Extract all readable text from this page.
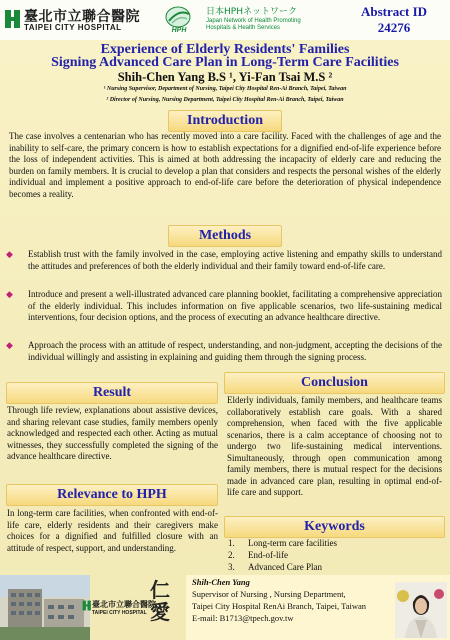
臺北市立聯合醫院
TAIPEI CITY HOSPITAL	HPH
日本HPHネットワーク
Japan Network of Health Promoting
Hospitals & Health Services
Abstract ID
24276
Experience of Elderly Residents' Families
Signing Advanced Care Plan in Long-Term Care Facilities
Shih-Chen Yang B.S ¹, Yi-Fan Tsai M.S ²
¹ Nursing Supervisor, Department of Nursing, Taipei City Hospital Ren-Ai Branch, Taipei, Taiwan
² Director of Nursing, Nursing Department, Taipei City Hospital Ren-Ai Branch, Taipei, Taiwan
Introduction
The case involves a centenarian who has recently moved into a care facility. Faced with the challenges of age and the inability to self-care, the primary concern is how to establish expectations for a dignified end-of-life experience before the loss of independent activities. This is aimed at both addressing the incapacity of elderly care and reducing the burden on family members. It is crucial to develop a plan that considers and respects the personal wishes of the elderly individual and implement a positive approach to end-of-life care before the deterioration of physical independence becomes a reality.
Methods
◆ Establish trust with the family involved in the case, employing active listening and empathy skills to understand the attitudes and preferences of both the elderly individual and their family toward end-of-life care.
◆ Introduce and present a well-illustrated advanced care planning booklet, facilitating a comprehensive appreciation of the elderly individual. This includes information on five applicable scenarios, two life-sustaining medical interventions, four decision options, and the process of executing an advance healthcare directive.
◆ Approach the process with an attitude of respect, understanding, and non-judgment, accepting the decisions of the individual willingly and assisting in explaining and guiding them through the signing process.
Result
Through life review, explanations about assistive devices, and sharing relevant case studies, family members openly acknowledged and respected each other. Acting as mutual witnesses, they successfully completed the signing of the advance healthcare directive.
Relevance to HPH
In long-term care facilities, when confronted with end-of-life care, elderly residents and their caregivers make choices for a dignified and fulfilled closure with an attitude of respect, support, and understanding.
Conclusion
Elderly individuals, family members, and healthcare teams collaboratively establish care goals. With a shared comprehension, when faced with the five applicable scenarios, there is a calm acceptance of choosing not to undergo two life-sustaining medical interventions. Simultaneously, through open communication among family members, there is mutual respect for the decisions made in advanced care plan, resulting in optimal end-of-life care and support.
Keywords
1. Long-term care facilities
2. End-of-life
3. Advanced Care Plan
臺北市立聯合醫院
TAIPEI CITY HOSPITAL
仁愛
Shih-Chen Yang
Supervisor of Nursing , Nursing Department,
Taipei City Hospital RenAi Branch, Taipei, Taiwan
E-mail: B1713@tpech.gov.tw
